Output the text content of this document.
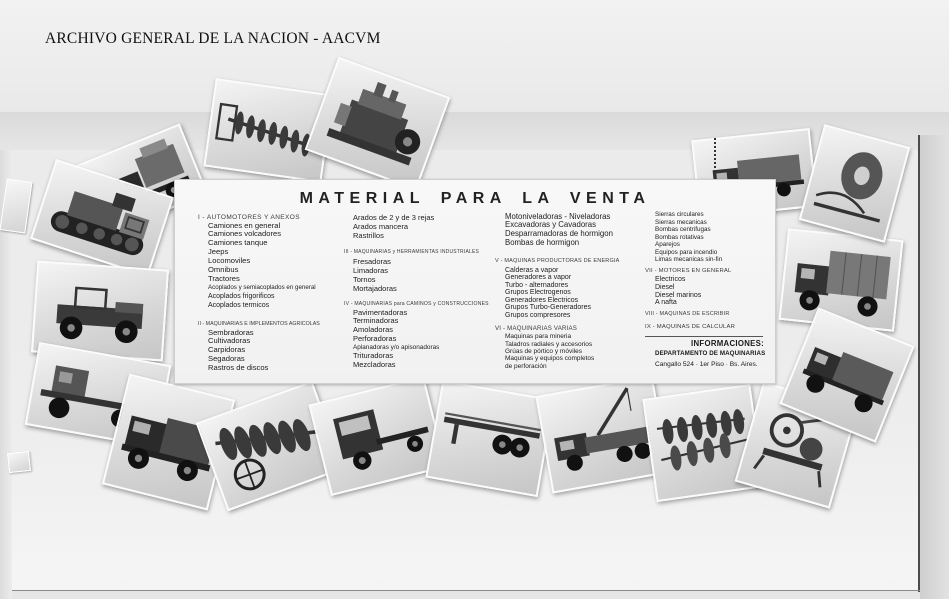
ARCHIVO GENERAL DE LA NACION - AACVM
MATERIAL PARA LA VENTA
I - AUTOMOTORES Y ANEXOS
Camiones en general
Camiones volcadores
Camiones tanque
Jeeps
Locomoviles
Omnibus
Tractores
Acoplados y semiacoplados en general
Acoplados frigorificos
Acoplados termicos
II - MAQUINARIAS E IMPLEMENTOS AGRICOLAS
Sembradoras
Cultivadoras
Carpidoras
Segadoras
Rastros de discos
Arados de 2 y de 3 rejas
Arados mancera
Rastrillos
III - MAQUINARIAS y HERRAMIENTAS INDUSTRIALES
Fresadoras
Limadoras
Tornos
Mortajadoras
IV - MAQUINARIAS para CAMINOS y CONSTRUCCIONES
Pavimentadoras
Terminadoras
Amoladoras
Perforadoras
Aplanadoras y/o apisonadoras
Trituradoras
Mezcladoras
Motoniveladoras - Niveladoras
Excavadoras y Cavadoras
Desparramadoras de hormigon
Bombas de hormigon
V - MAQUINAS PRODUCTORAS DE ENERGIA
Calderas a vapor
Generadores a vapor
Turbo - alternadores
Grupos Electrogenos
Generadores Electricos
Grupos Turbo-Generadores
Grupos compresores
VI - MAQUINARIAS VARIAS
Maquinas para mineria
Taladros radiales y accesorios
Grúas de pórtico y móviles
Maquinas y equipos completos
de perforación
Sierras circulares
Sierras mecanicas
Bombas centrifugas
Bombas rotativas
Aparejos
Equipos para incendio
Limas mecanicas sin-fin
VII - MOTORES EN GENERAL
Electricos
Diesel
Diesel marinos
A nafta
VIII - MAQUINAS DE ESCRIBIR
IX - MAQUINAS DE CALCULAR
INFORMACIONES:
DEPARTAMENTO DE MAQUINARIAS
Cangallo 524 · 1er Piso · Bs. Aires.
